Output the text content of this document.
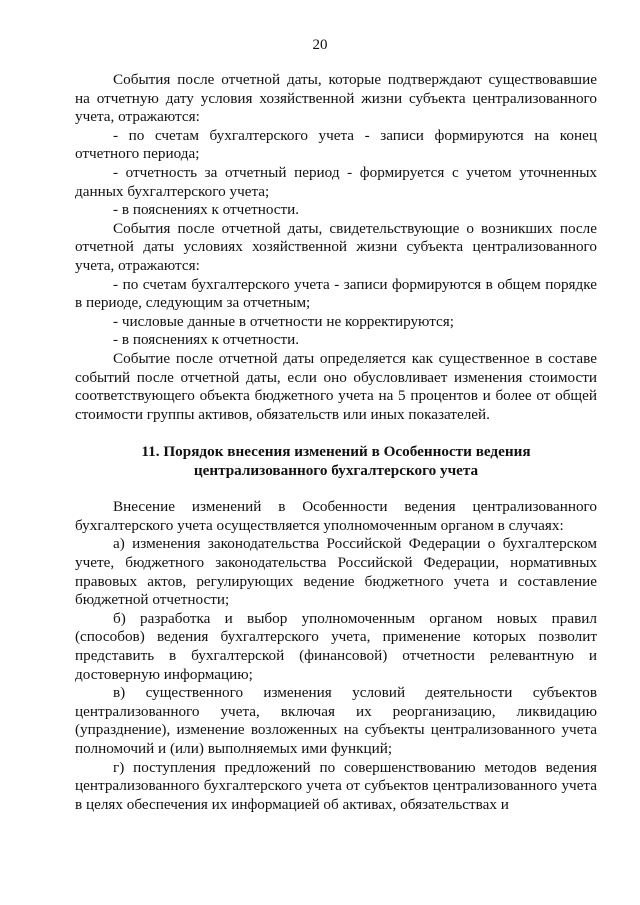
20

События после отчетной даты, которые подтверждают существовавшие на отчетную дату условия хозяйственной жизни субъекта централизованного учета, отражаются:

- по счетам бухгалтерского учета - записи формируются на конец отчетного периода;

- отчетность за отчетный период - формируется с учетом уточненных данных бухгалтерского учета;

- в пояснениях к отчетности.

События после отчетной даты, свидетельствующие о возникших после отчетной даты условиях хозяйственной жизни субъекта централизованного учета, отражаются:

- по счетам бухгалтерского учета - записи формируются в общем порядке в периоде, следующим за отчетным;

- числовые данные в отчетности не корректируются;

- в пояснениях к отчетности.

Событие после отчетной даты определяется как существенное в составе событий после отчетной даты, если оно обусловливает изменения стоимости соответствующего объекта бюджетного учета на 5 процентов и более от общей стоимости группы активов, обязательств или иных показателей.

11. Порядок внесения изменений в Особенности ведения
централизованного бухгалтерского учета

Внесение изменений в Особенности ведения централизованного бухгалтерского учета осуществляется уполномоченным органом в случаях:

а) изменения законодательства Российской Федерации о бухгалтерском учете, бюджетного законодательства Российской Федерации, нормативных правовых актов, регулирующих ведение бюджетного учета и составление бюджетной отчетности;

б) разработка и выбор уполномоченным органом новых правил (способов) ведения бухгалтерского учета, применение которых позволит представить в бухгалтерской (финансовой) отчетности релевантную и достоверную информацию;

в) существенного изменения условий деятельности субъектов централизованного учета, включая их реорганизацию, ликвидацию (упразднение), изменение возложенных на субъекты централизованного учета полномочий и (или) выполняемых ими функций;

г) поступления предложений по совершенствованию методов ведения централизованного бухгалтерского учета от субъектов централизованного учета в целях обеспечения их информацией об активах, обязательствах и
